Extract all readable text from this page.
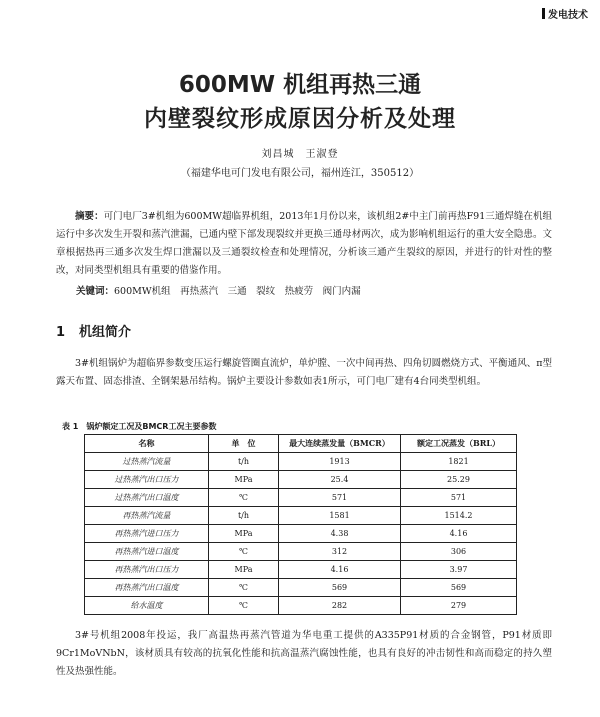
发电技术
600MW 机组再热三通
内壁裂纹形成原因分析及处理
刘昌城　王淑登
（福建华电可门发电有限公司，福州连江，350512）
摘要：可门电厂3#机组为600MW超临界机组，2013年1月份以来，该机组2#中主门前再热F91三通焊缝在机组运行中多次发生开裂和蒸汽泄漏，已通内壁下部发现裂纹并更换三通母材两次，成为影响机组运行的重大安全隐患。文章根据热再三通多次发生焊口泄漏以及三通裂纹检查和处理情况，分析该三通产生裂纹的原因，并进行的针对性的整改，对同类型机组具有重要的借鉴作用。
关键词：600MW机组　再热蒸汽　三通　裂纹　热疲劳　阀门内漏
1 机组简介
3#机组锅炉为超临界参数变压运行螺旋管圈直流炉，单炉膛、一次中间再热、四角切圆燃烧方式、平衡通风、π型露天布置、固态排渣、全钢架悬吊结构。锅炉主要设计参数如表1所示，可门电厂建有4台同类型机组。
表 1 锅炉额定工况及BMCR工况主要参数
名称	单　位	最大连续蒸发量（BMCR）	额定工况蒸发（BRL）
过热蒸汽流量	t/h	1913	1821
过热蒸汽出口压力	MPa	25.4	25.29
过热蒸汽出口温度	℃	571	571
再热蒸汽流量	t/h	1581	1514.2
再热蒸汽进口压力	MPa	4.38	4.16
再热蒸汽进口温度	℃	312	306
再热蒸汽出口压力	MPa	4.16	3.97
再热蒸汽出口温度	℃	569	569
给水温度	℃	282	279
3#号机组2008年投运，我厂高温热再蒸汽管道为华电重工提供的A335P91材质的合金钢管，P91材质即9Cr1MoVNbN，该材质具有较高的抗氧化性能和抗高温蒸汽腐蚀性能，也具有良好的冲击韧性和高而稳定的持久塑性及热强性能。
